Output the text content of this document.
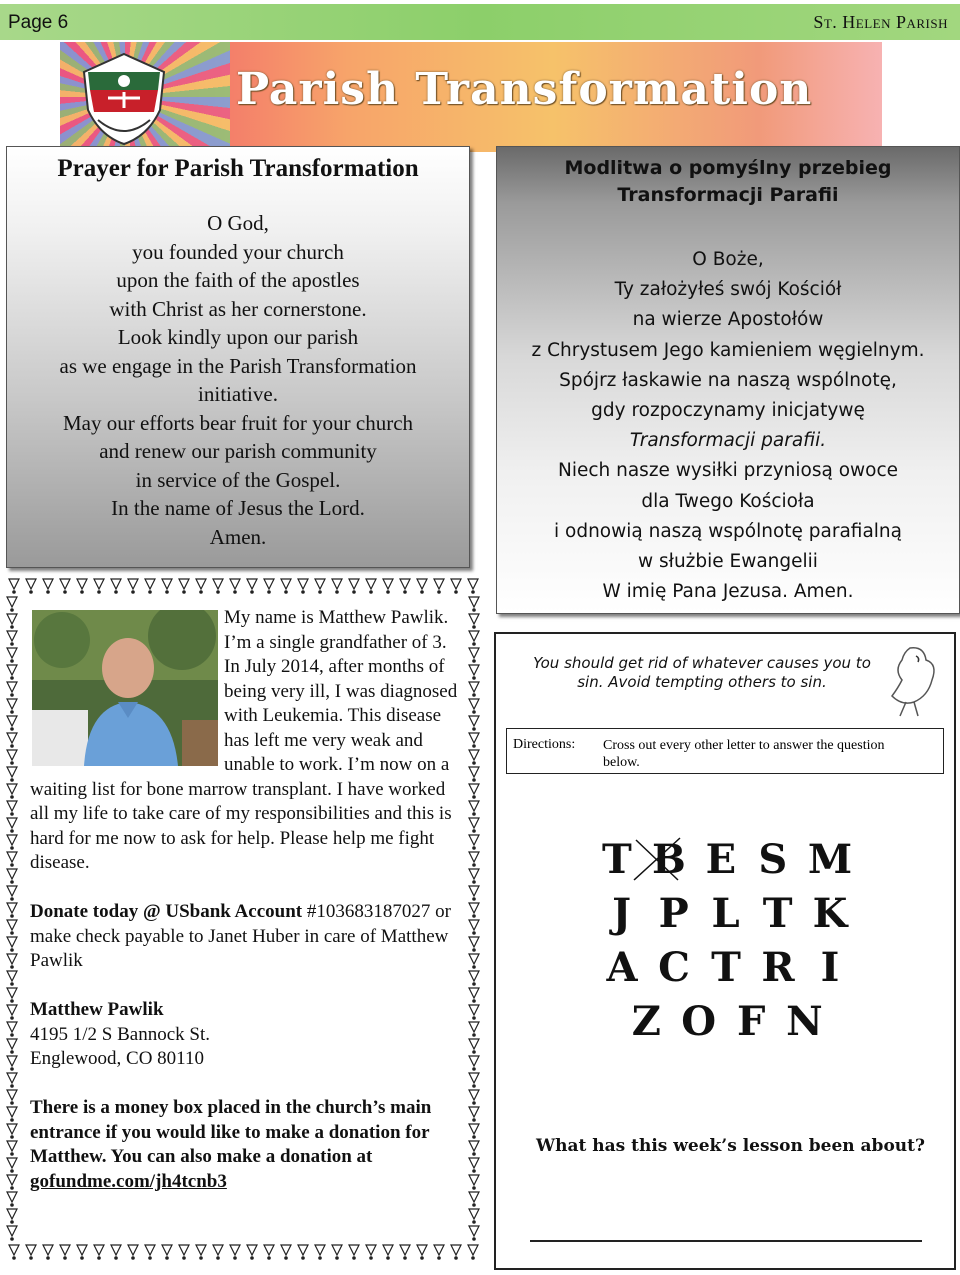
Page 6	St. Helen Parish
Parish Transformation
Prayer for Parish Transformation
O God,
you founded your church
upon the faith of the apostles
with Christ as her cornerstone.
Look kindly upon our parish
as we engage in the Parish Transformation
initiative.
May our efforts bear fruit for your church
and renew our parish community
in service of the Gospel.
In the name of Jesus the Lord.
Amen.
Modlitwa o pomyślny przebieg
Transformacji Parafii
O Boże,
Ty założyłeś swój Kościół
na wierze Apostołów
z Chrystusem Jego kamieniem węgielnym.
Spójrz łaskawie na naszą wspólnotę,
gdy rozpoczynamy inicjatywę
Transformacji parafii.
Niech nasze wysiłki przyniosą owoce
dla Twego Kościoła
i odnowią naszą wspólnotę parafialną
w służbie Ewangelii
W imię Pana Jezusa. Amen.

My name is Matthew Pawlik. I’m a single grandfather of 3. In July 2014, after months of being very ill, I was diagnosed with Leukemia. This disease has left me very weak and unable to work. I’m now on a waiting list for bone marrow transplant. I have worked all my life to take care of my responsibilities and this is hard for me now to ask for help. Please help me fight disease.

Donate today @ USbank Account #103683187027 or make check payable to Janet Huber in care of Matthew Pawlik

Matthew Pawlik

4195 1/2 S Bannock St.

Englewood, CO 80110

There is a money box placed in the church’s main entrance if you would like to make a donation for Matthew. You can also make a donation at gofundme.com/jh4tcnb3

You should get rid of whatever causes you to sin. Avoid tempting others to sin.
Directions: Cross out every other letter to answer the question below.
T B E S M
J P L T K
A C T R I
Z O F N
What has this week’s lesson been about?
